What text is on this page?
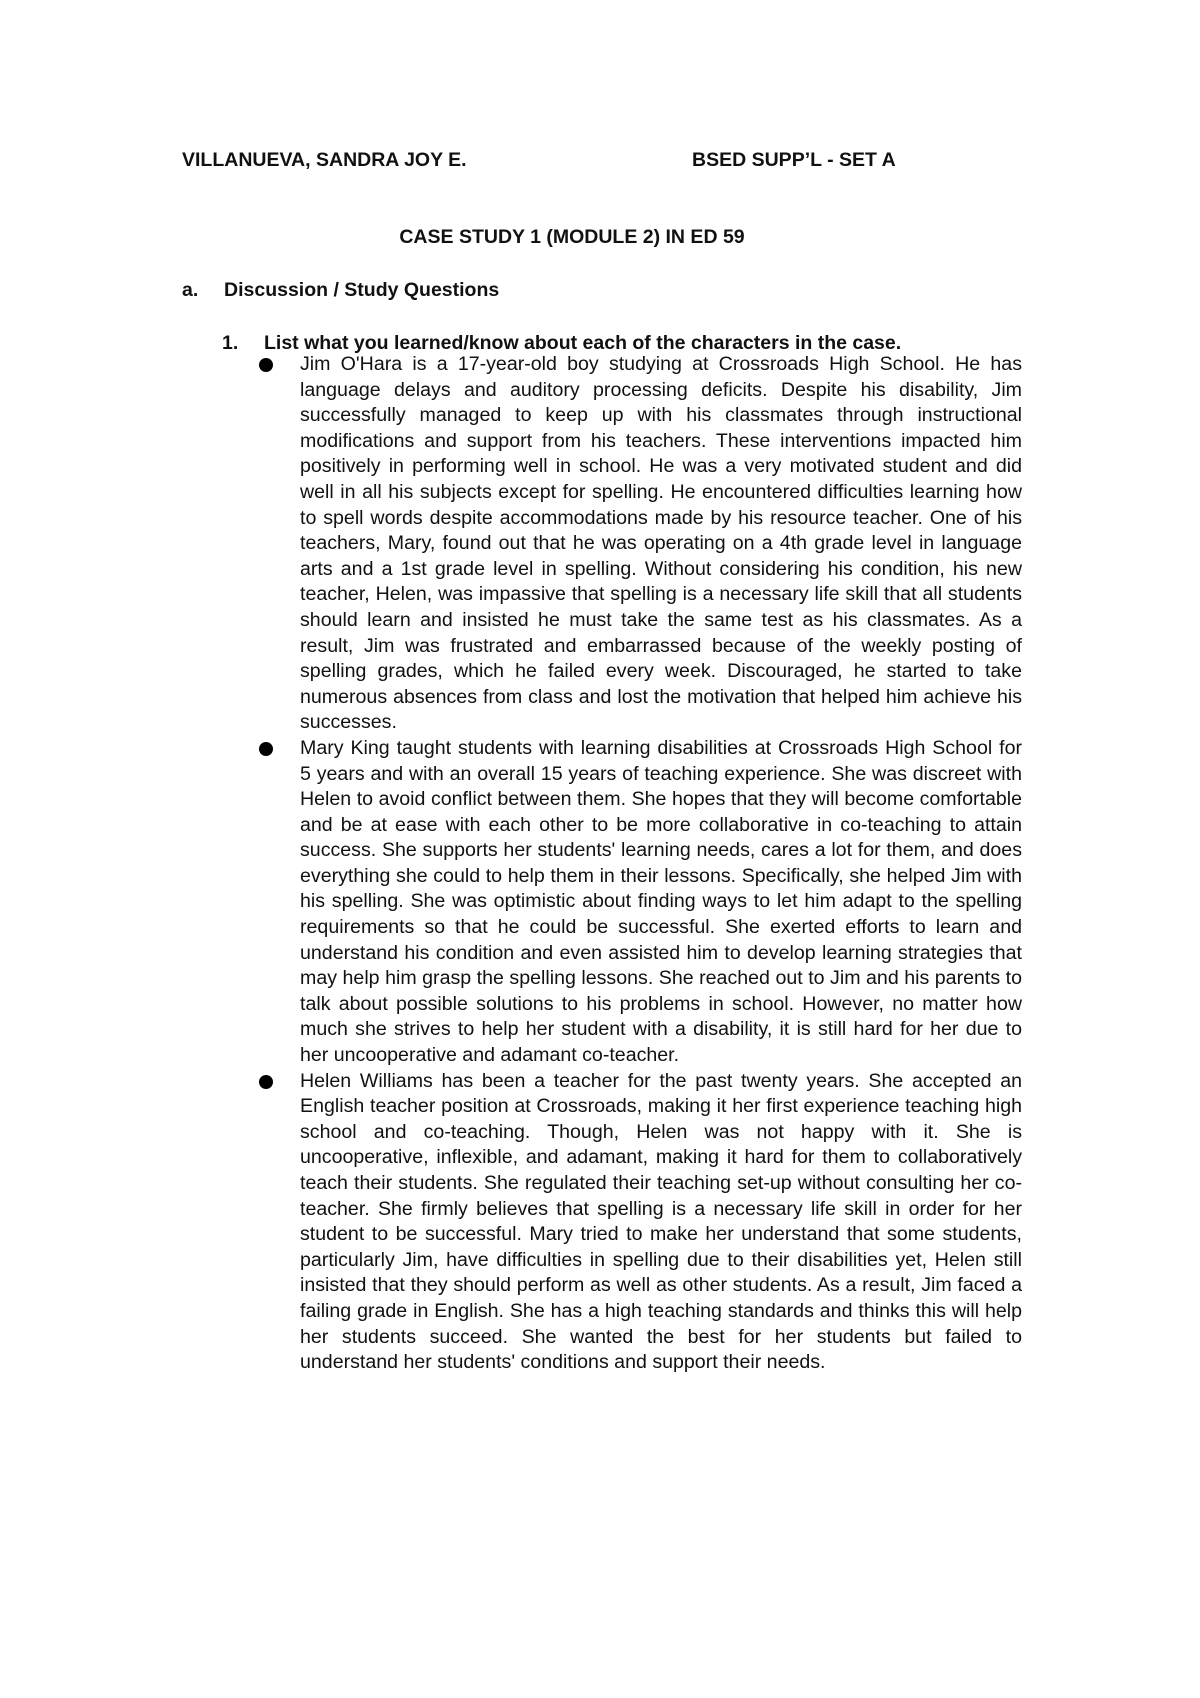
VILLANUEVA, SANDRA JOY E.	BSED SUPP’L - SET A
CASE STUDY 1 (MODULE 2) IN ED 59
a. Discussion / Study Questions
1. List what you learned/know about each of the characters in the case.
Jim O'Hara is a 17-year-old boy studying at Crossroads High School. He has language delays and auditory processing deficits. Despite his disability, Jim successfully managed to keep up with his classmates through instructional modifications and support from his teachers. These interventions impacted him positively in performing well in school. He was a very motivated student and did well in all his subjects except for spelling. He encountered difficulties learning how to spell words despite accommodations made by his resource teacher. One of his teachers, Mary, found out that he was operating on a 4th grade level in language arts and a 1st grade level in spelling. Without considering his condition, his new teacher, Helen, was impassive that spelling is a necessary life skill that all students should learn and insisted he must take the same test as his classmates. As a result, Jim was frustrated and embarrassed because of the weekly posting of spelling grades, which he failed every week. Discouraged, he started to take numerous absences from class and lost the motivation that helped him achieve his successes.
Mary King taught students with learning disabilities at Crossroads High School for 5 years and with an overall 15 years of teaching experience. She was discreet with Helen to avoid conflict between them. She hopes that they will become comfortable and be at ease with each other to be more collaborative in co-teaching to attain success. She supports her students' learning needs, cares a lot for them, and does everything she could to help them in their lessons. Specifically, she helped Jim with his spelling. She was optimistic about finding ways to let him adapt to the spelling requirements so that he could be successful. She exerted efforts to learn and understand his condition and even assisted him to develop learning strategies that may help him grasp the spelling lessons. She reached out to Jim and his parents to talk about possible solutions to his problems in school. However, no matter how much she strives to help her student with a disability, it is still hard for her due to her uncooperative and adamant co-teacher.
Helen Williams has been a teacher for the past twenty years. She accepted an English teacher position at Crossroads, making it her first experience teaching high school and co-teaching. Though, Helen was not happy with it. She is uncooperative, inflexible, and adamant, making it hard for them to collaboratively teach their students. She regulated their teaching set-up without consulting her co-teacher. She firmly believes that spelling is a necessary life skill in order for her student to be successful. Mary tried to make her understand that some students, particularly Jim, have difficulties in spelling due to their disabilities yet, Helen still insisted that they should perform as well as other students. As a result, Jim faced a failing grade in English. She has a high teaching standards and thinks this will help her students succeed. She wanted the best for her students but failed to understand her students' conditions and support their needs.
